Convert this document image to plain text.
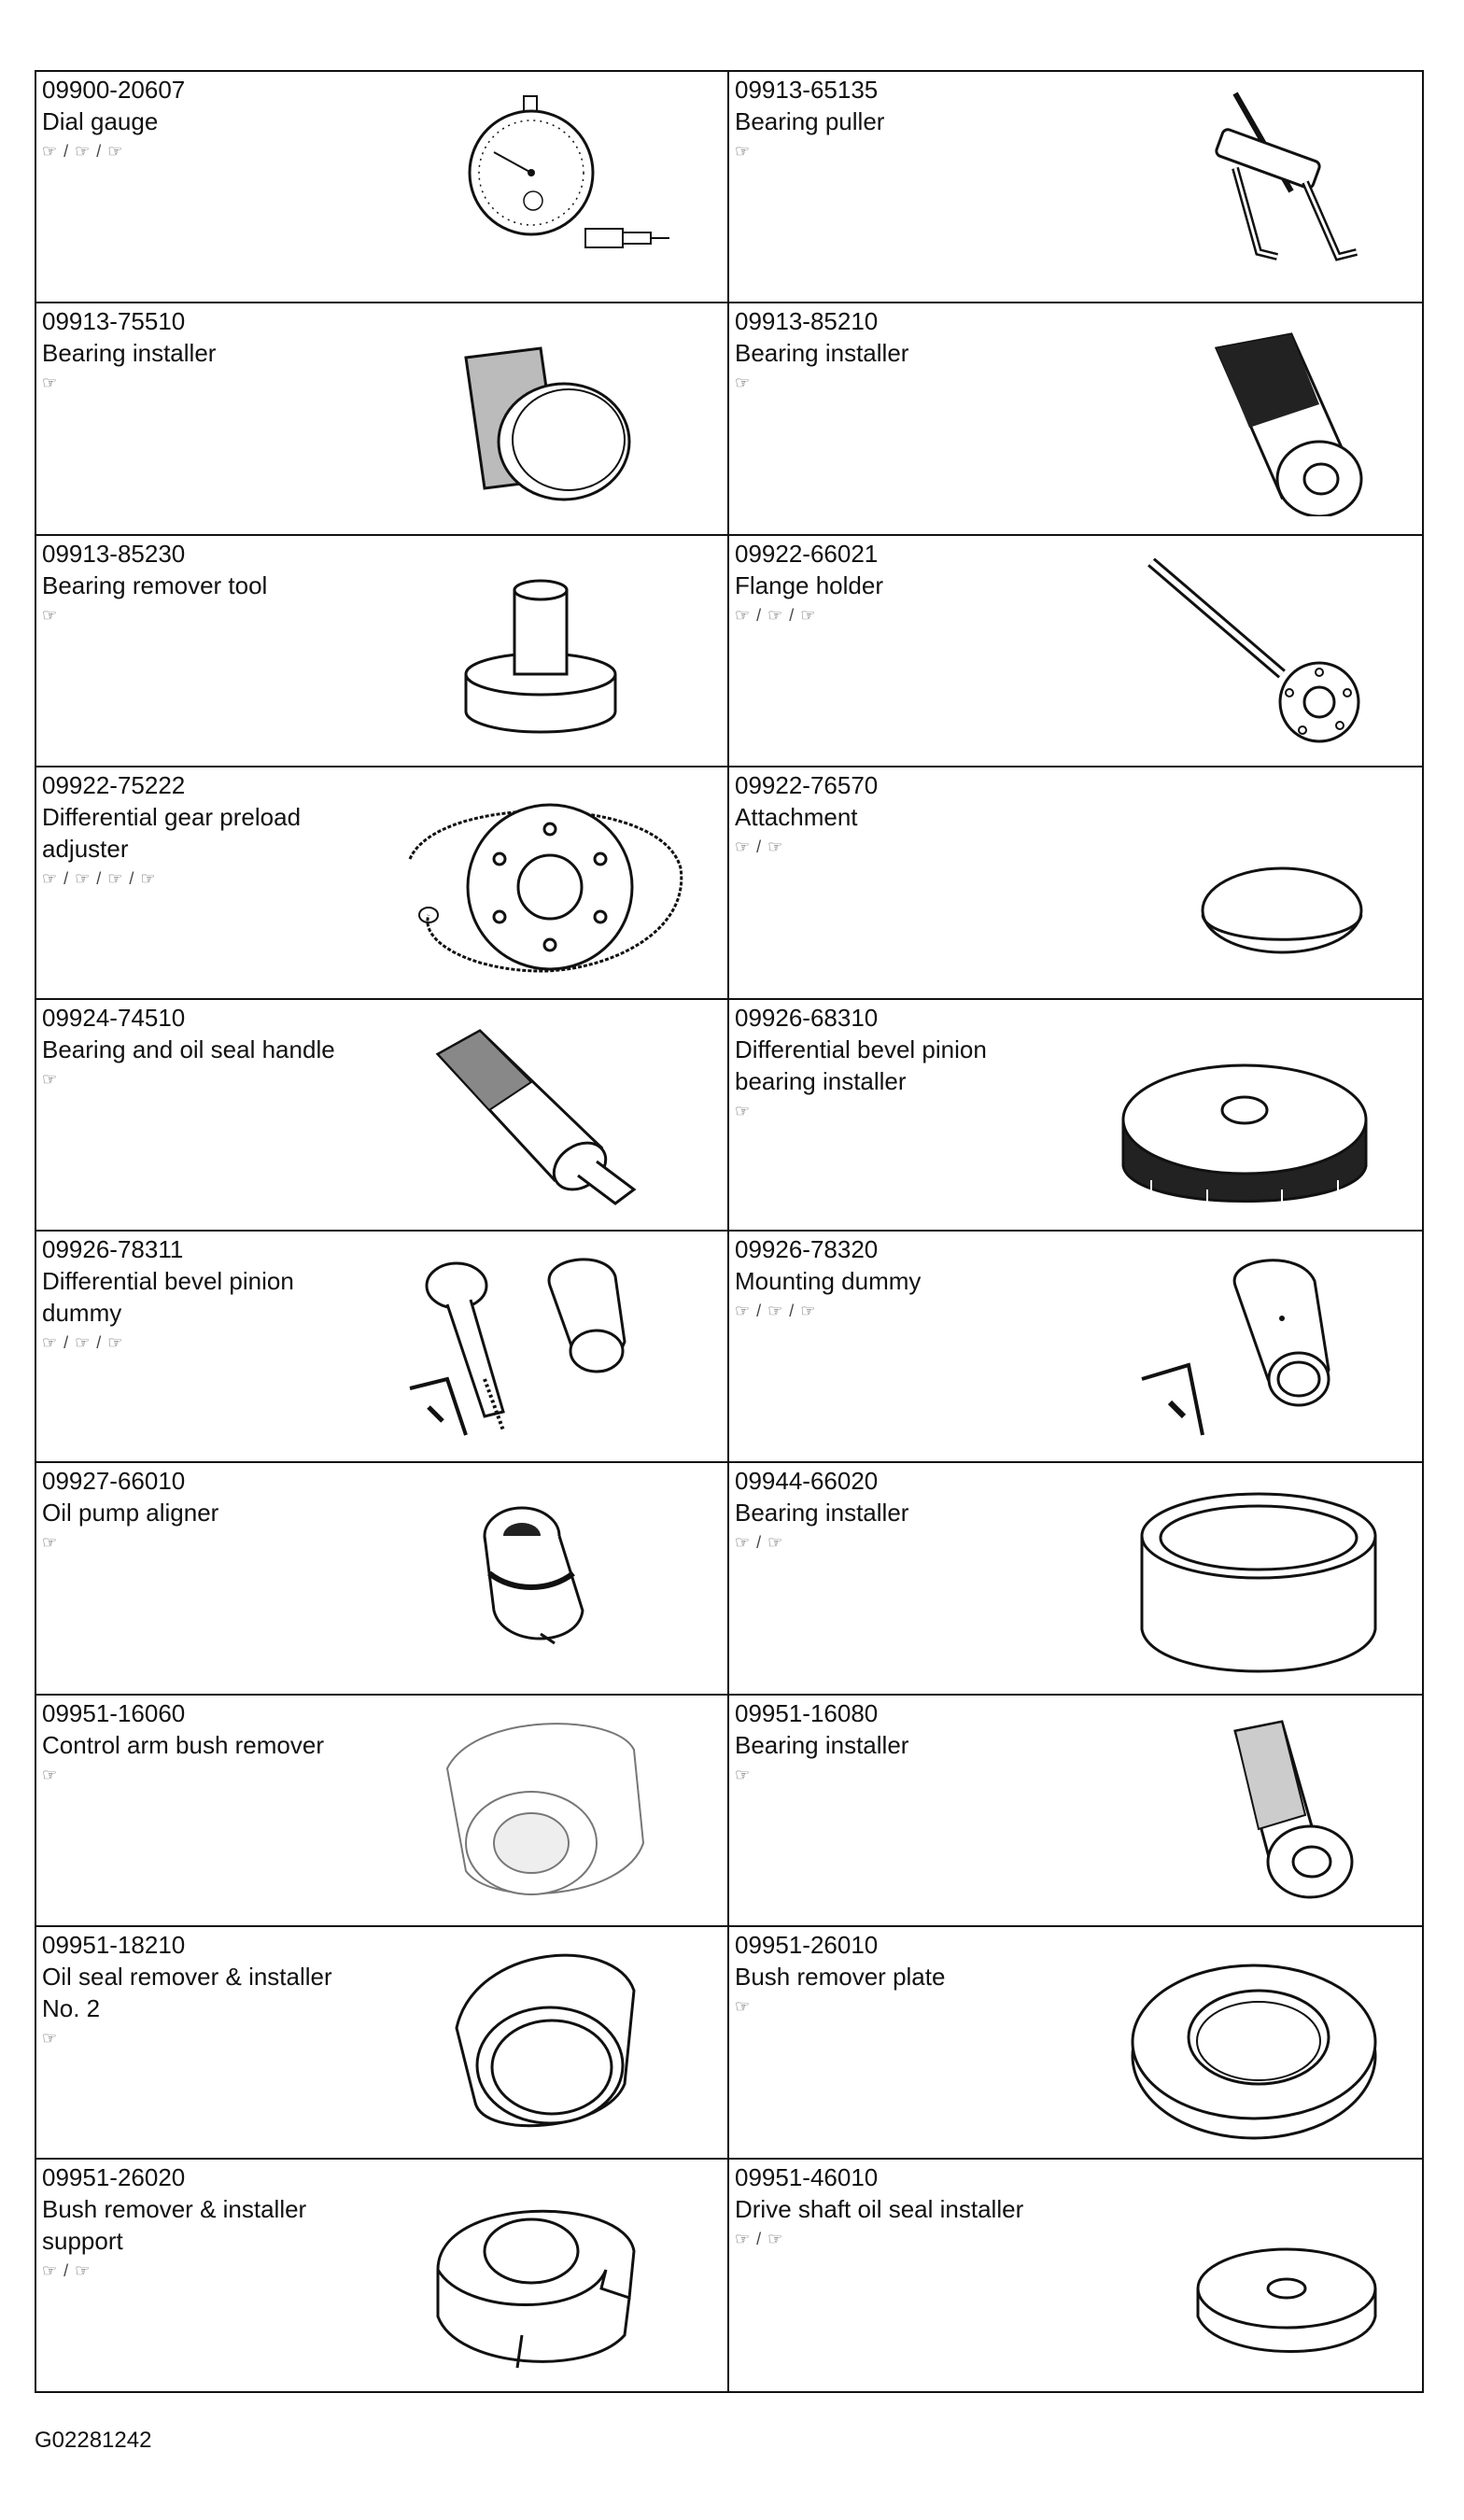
09900-20607
Dial gauge
☞ / ☞ / ☞
09913-65135
Bearing puller
☞
09913-75510
Bearing installer
☞
09913-85210
Bearing installer
☞
09913-85230
Bearing remover tool
☞
09922-66021
Flange holder
☞ / ☞ / ☞
09922-75222
Differential gear preload adjuster
☞ / ☞ / ☞ / ☞
09922-76570
Attachment
☞ / ☞
09924-74510
Bearing and oil seal handle
☞
09926-68310
Differential bevel pinion bearing installer
☞
09926-78311
Differential bevel pinion dummy
☞ / ☞ / ☞
09926-78320
Mounting dummy
☞ / ☞ / ☞
09927-66010
Oil pump aligner
☞
09944-66020
Bearing installer
☞ / ☞
09951-16060
Control arm bush remover
☞
09951-16080
Bearing installer
☞
09951-18210
Oil seal remover & installer No. 2
☞
09951-26010
Bush remover plate
☞
09951-26020
Bush remover & installer support
☞ / ☞
09951-46010
Drive shaft oil seal installer
☞ / ☞
G02281242
